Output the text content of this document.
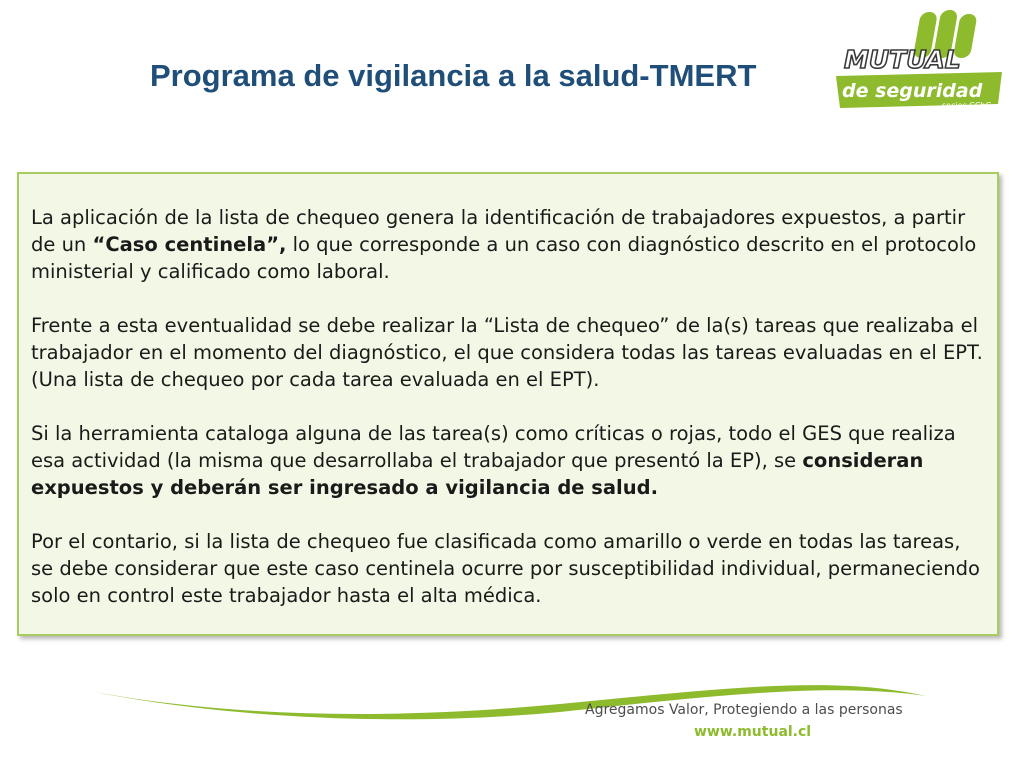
Programa de vigilancia a la salud-TMERT	MUTUAL
de seguridad
socios CChC

La aplicación de la lista de chequeo genera la identificación de trabajadores expuestos, a partir de un “Caso centinela”, lo que corresponde a un caso con diagnóstico descrito en el protocolo ministerial y calificado como laboral.

Frente a esta eventualidad se debe realizar la “Lista de chequeo” de la(s) tareas que realizaba el trabajador en el momento del diagnóstico, el que considera todas las tareas evaluadas en el EPT. (Una lista de chequeo por cada tarea evaluada en el EPT).

Si la herramienta cataloga alguna de las tarea(s) como críticas o rojas, todo el GES que realiza esa actividad (la misma que desarrollaba el trabajador que presentó la EP), se consideran expuestos y deberán ser ingresado a vigilancia de salud.

Por el contario, si la lista de chequeo fue clasificada como amarillo o verde en todas las tareas, se debe considerar que este caso centinela ocurre por susceptibilidad individual, permaneciendo solo en control este trabajador hasta el alta médica.

Agregamos Valor, Protegiendo a las personas
www.mutual.cl
